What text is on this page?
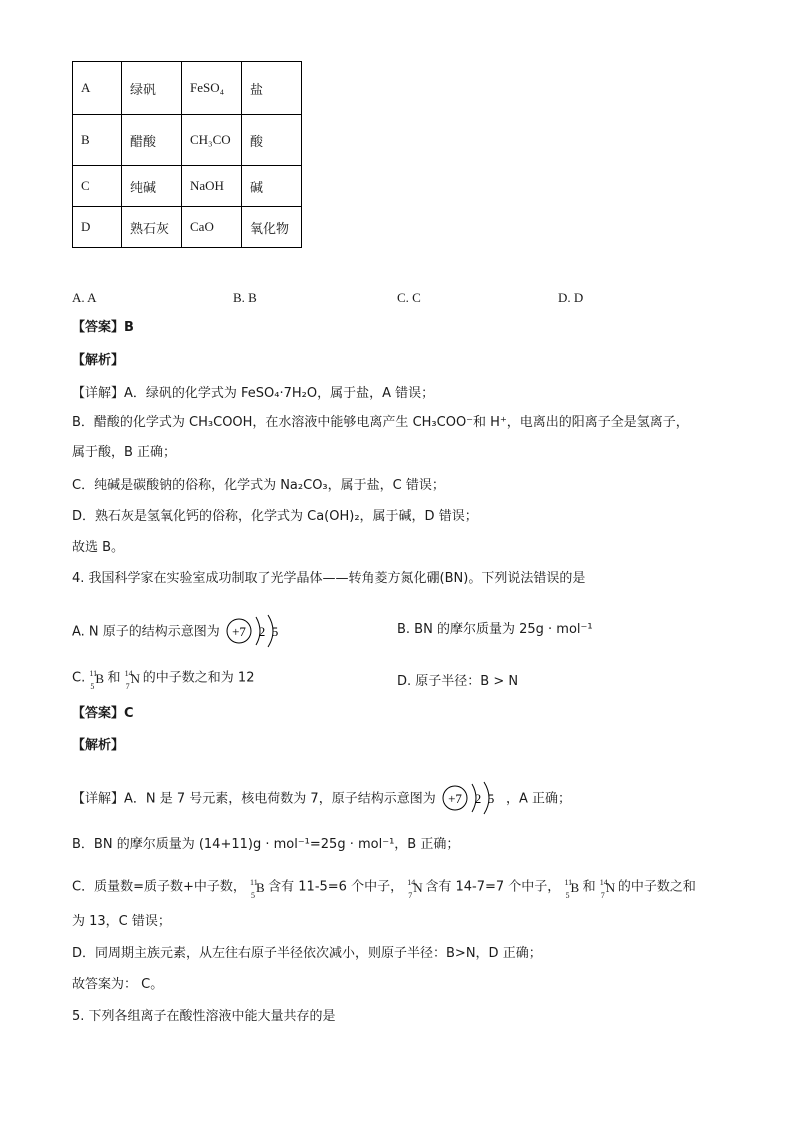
A	绿矾	FeSO₄	盐
B	醋酸	CH₃CO	酸
C	纯碱	NaOH	碱
D	熟石灰	CaO	氧化物
A. A	B. B	C. C	D. D
【答案】B
【解析】
【详解】A．绿矾的化学式为 FeSO₄·7H₂O，属于盐，A 错误；
B．醋酸的化学式为 CH₃COOH，在水溶液中能够电离产生 CH₃COO⁻和 H⁺，电离出的阳离子全是氢离子，
属于酸，B 正确；
C．纯碱是碳酸钠的俗称，化学式为 Na₂CO₃，属于盐，C 错误；
D．熟石灰是氢氧化钙的俗称，化学式为 Ca(OH)₂，属于碱，D 错误；
故选 B。
4. 我国科学家在实验室成功制取了光学晶体——转角菱方氮化硼(BN)。下列说法错误的是
A. N 原子的结构示意图为 +7 2 5	B. BN 的摩尔质量为 25g · mol⁻¹
C. 11
5
B 和 14
7
N 的中子数之和为 12	D. 原子半径：B > N
【答案】C
【解析】
【详解】A．N 是 7 号元素，核电荷数为 7，原子结构示意图为 +7 2 5 ，A 正确；
B．BN 的摩尔质量为 (14+11)g · mol⁻¹=25g · mol⁻¹，B 正确；
C．质量数=质子数+中子数， 11
5
B 含有 11-5=6 个中子， 14
7
N 含有 14-7=7 个中子， 11
5
B 和 14
7
N 的中子数之和
为 13，C 错误；
D．同周期主族元素，从左往右原子半径依次减小，则原子半径：B>N，D 正确；
故答案为： C。
5. 下列各组离子在酸性溶液中能大量共存的是
